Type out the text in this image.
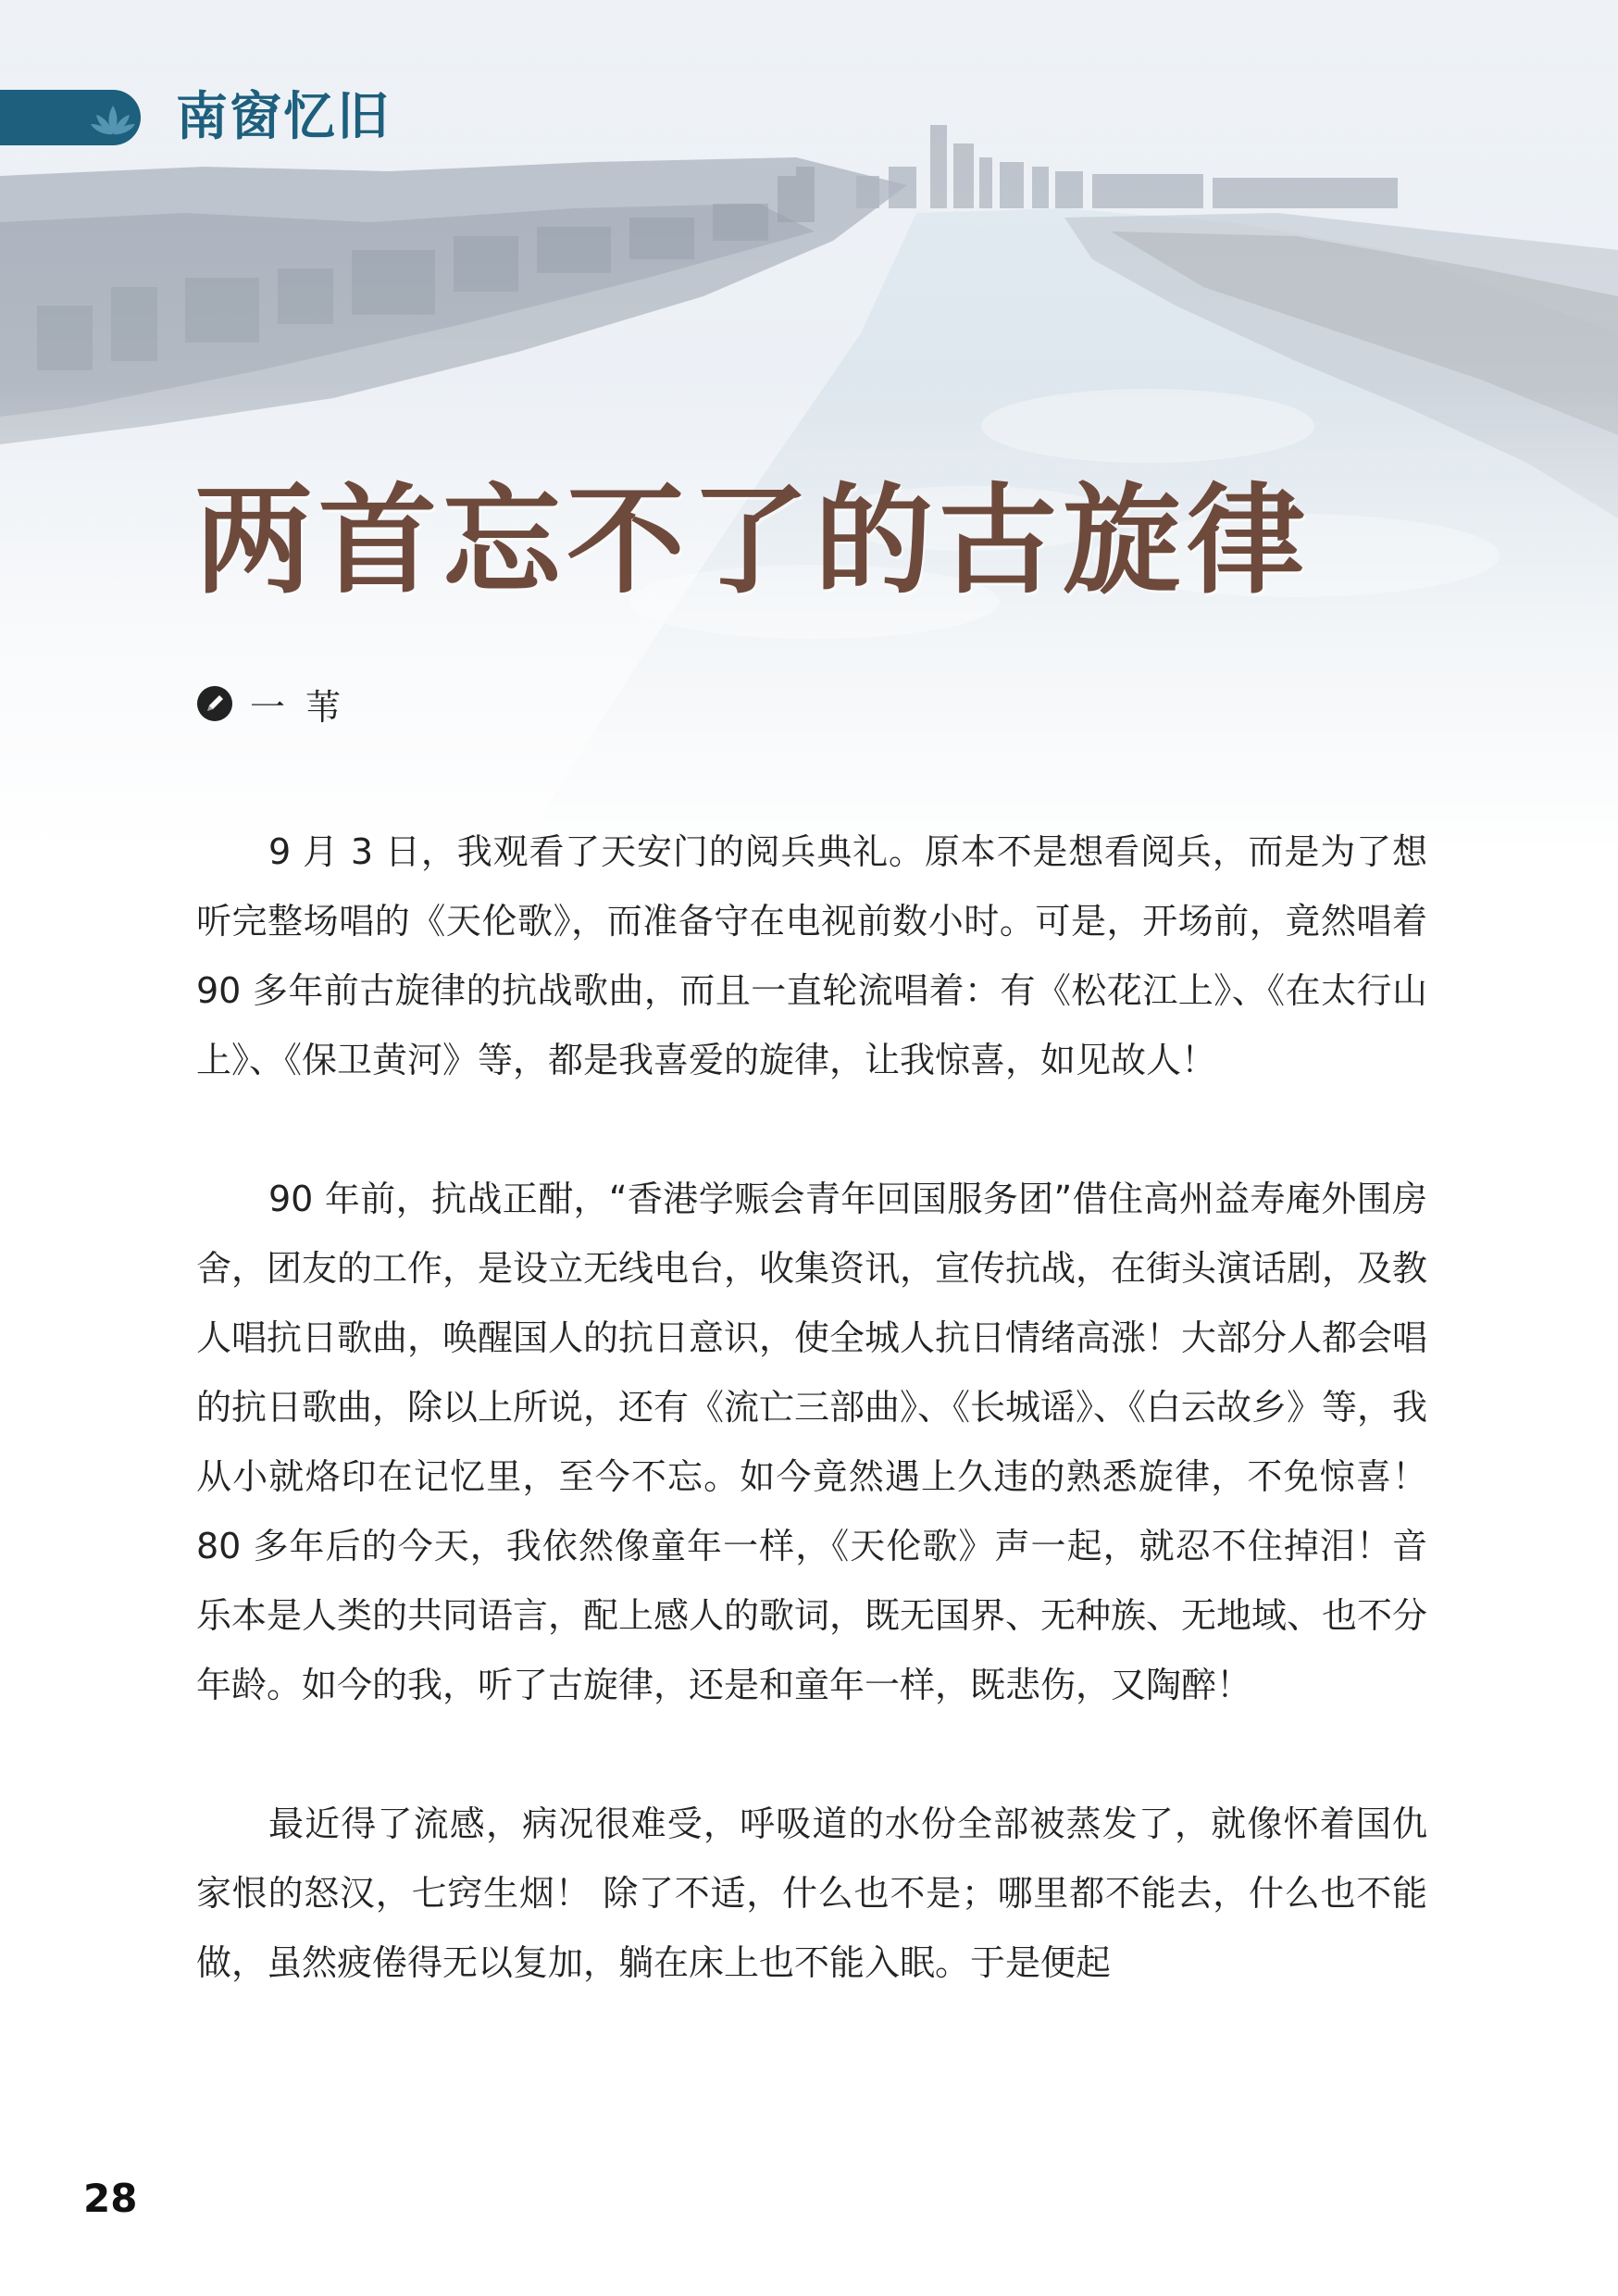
南窗忆旧
两首忘不了的古旋律
一 苇

9 月 3 日，我观看了天安门的阅兵典礼。原本不是想看阅兵，而是为了想听完整场唱的《天伦歌》，而准备守在电视前数小时。可是，开场前，竟然唱着 90 多年前古旋律的抗战歌曲，而且一直轮流唱着：有《松花江上》、《在太行山上》、《保卫黄河》等，都是我喜爱的旋律，让我惊喜，如见故人！

90 年前，抗战正酣，“香港学赈会青年回国服务团”借住高州益寿庵外围房舍，团友的工作，是设立无线电台，收集资讯，宣传抗战，在街头演话剧，及教人唱抗日歌曲，唤醒国人的抗日意识，使全城人抗日情绪高涨！大部分人都会唱的抗日歌曲，除以上所说，还有《流亡三部曲》、《长城谣》、《白云故乡》等，我从小就烙印在记忆里，至今不忘。如今竟然遇上久违的熟悉旋律，不免惊喜！ 80 多年后的今天，我依然像童年一样，《天伦歌》声一起，就忍不住掉泪！音乐本是人类的共同语言，配上感人的歌词，既无国界、无种族、无地域、也不分年龄。如今的我，听了古旋律，还是和童年一样，既悲伤，又陶醉！

最近得了流感，病况很难受，呼吸道的水份全部被蒸发了，就像怀着国仇家恨的怒汉，七窍生烟！ 除了不适，什么也不是；哪里都不能去，什么也不能做，虽然疲倦得无以复加，躺在床上也不能入眠。于是便起

28
